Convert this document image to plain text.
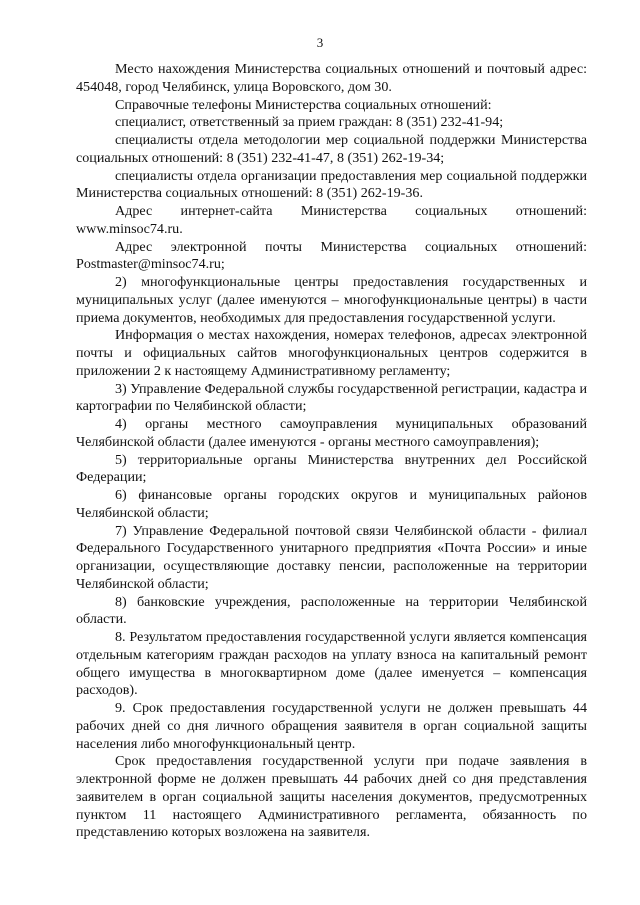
3

Место нахождения Министерства социальных отношений и почтовый адрес: 454048, город Челябинск, улица Воровского, дом 30.

Справочные телефоны Министерства социальных отношений:

специалист, ответственный за прием граждан: 8 (351) 232-41-94;

специалисты отдела методологии мер социальной поддержки Министерства социальных отношений: 8 (351) 232-41-47, 8 (351) 262-19-34;

специалисты отдела организации предоставления мер социальной поддержки Министерства социальных отношений: 8 (351) 262-19-36.

Адрес интернет-сайта Министерства социальных отношений: www.minsoc74.ru.

Адрес электронной почты Министерства социальных отношений: Postmaster@minsoc74.ru;

2) многофункциональные центры предоставления государственных и муниципальных услуг (далее именуются – многофункциональные центры) в части приема документов, необходимых для предоставления государственной услуги.

Информация о местах нахождения, номерах телефонов, адресах электронной почты и официальных сайтов многофункциональных центров содержится в приложении 2 к настоящему Административному регламенту;

3) Управление Федеральной службы государственной регистрации, кадастра и картографии по Челябинской области;

4) органы местного самоуправления муниципальных образований Челябинской области (далее именуются - органы местного самоуправления);

5) территориальные органы Министерства внутренних дел Российской Федерации;

6) финансовые органы городских округов и муниципальных районов Челябинской области;

7) Управление Федеральной почтовой связи Челябинской области - филиал Федерального Государственного унитарного предприятия «Почта России» и иные организации, осуществляющие доставку пенсии, расположенные на территории Челябинской области;

8) банковские учреждения, расположенные на территории Челябинской области.

8. Результатом предоставления государственной услуги является компенсация отдельным категориям граждан расходов на уплату взноса на капитальный ремонт общего имущества в многоквартирном доме (далее именуется – компенсация расходов).

9. Срок предоставления государственной услуги не должен превышать 44 рабочих дней со дня личного обращения заявителя в орган социальной защиты населения либо многофункциональный центр.

Срок предоставления государственной услуги при подаче заявления в электронной форме не должен превышать 44 рабочих дней со дня представления заявителем в орган социальной защиты населения документов, предусмотренных пунктом 11 настоящего Административного регламента, обязанность по представлению которых возложена на заявителя.
